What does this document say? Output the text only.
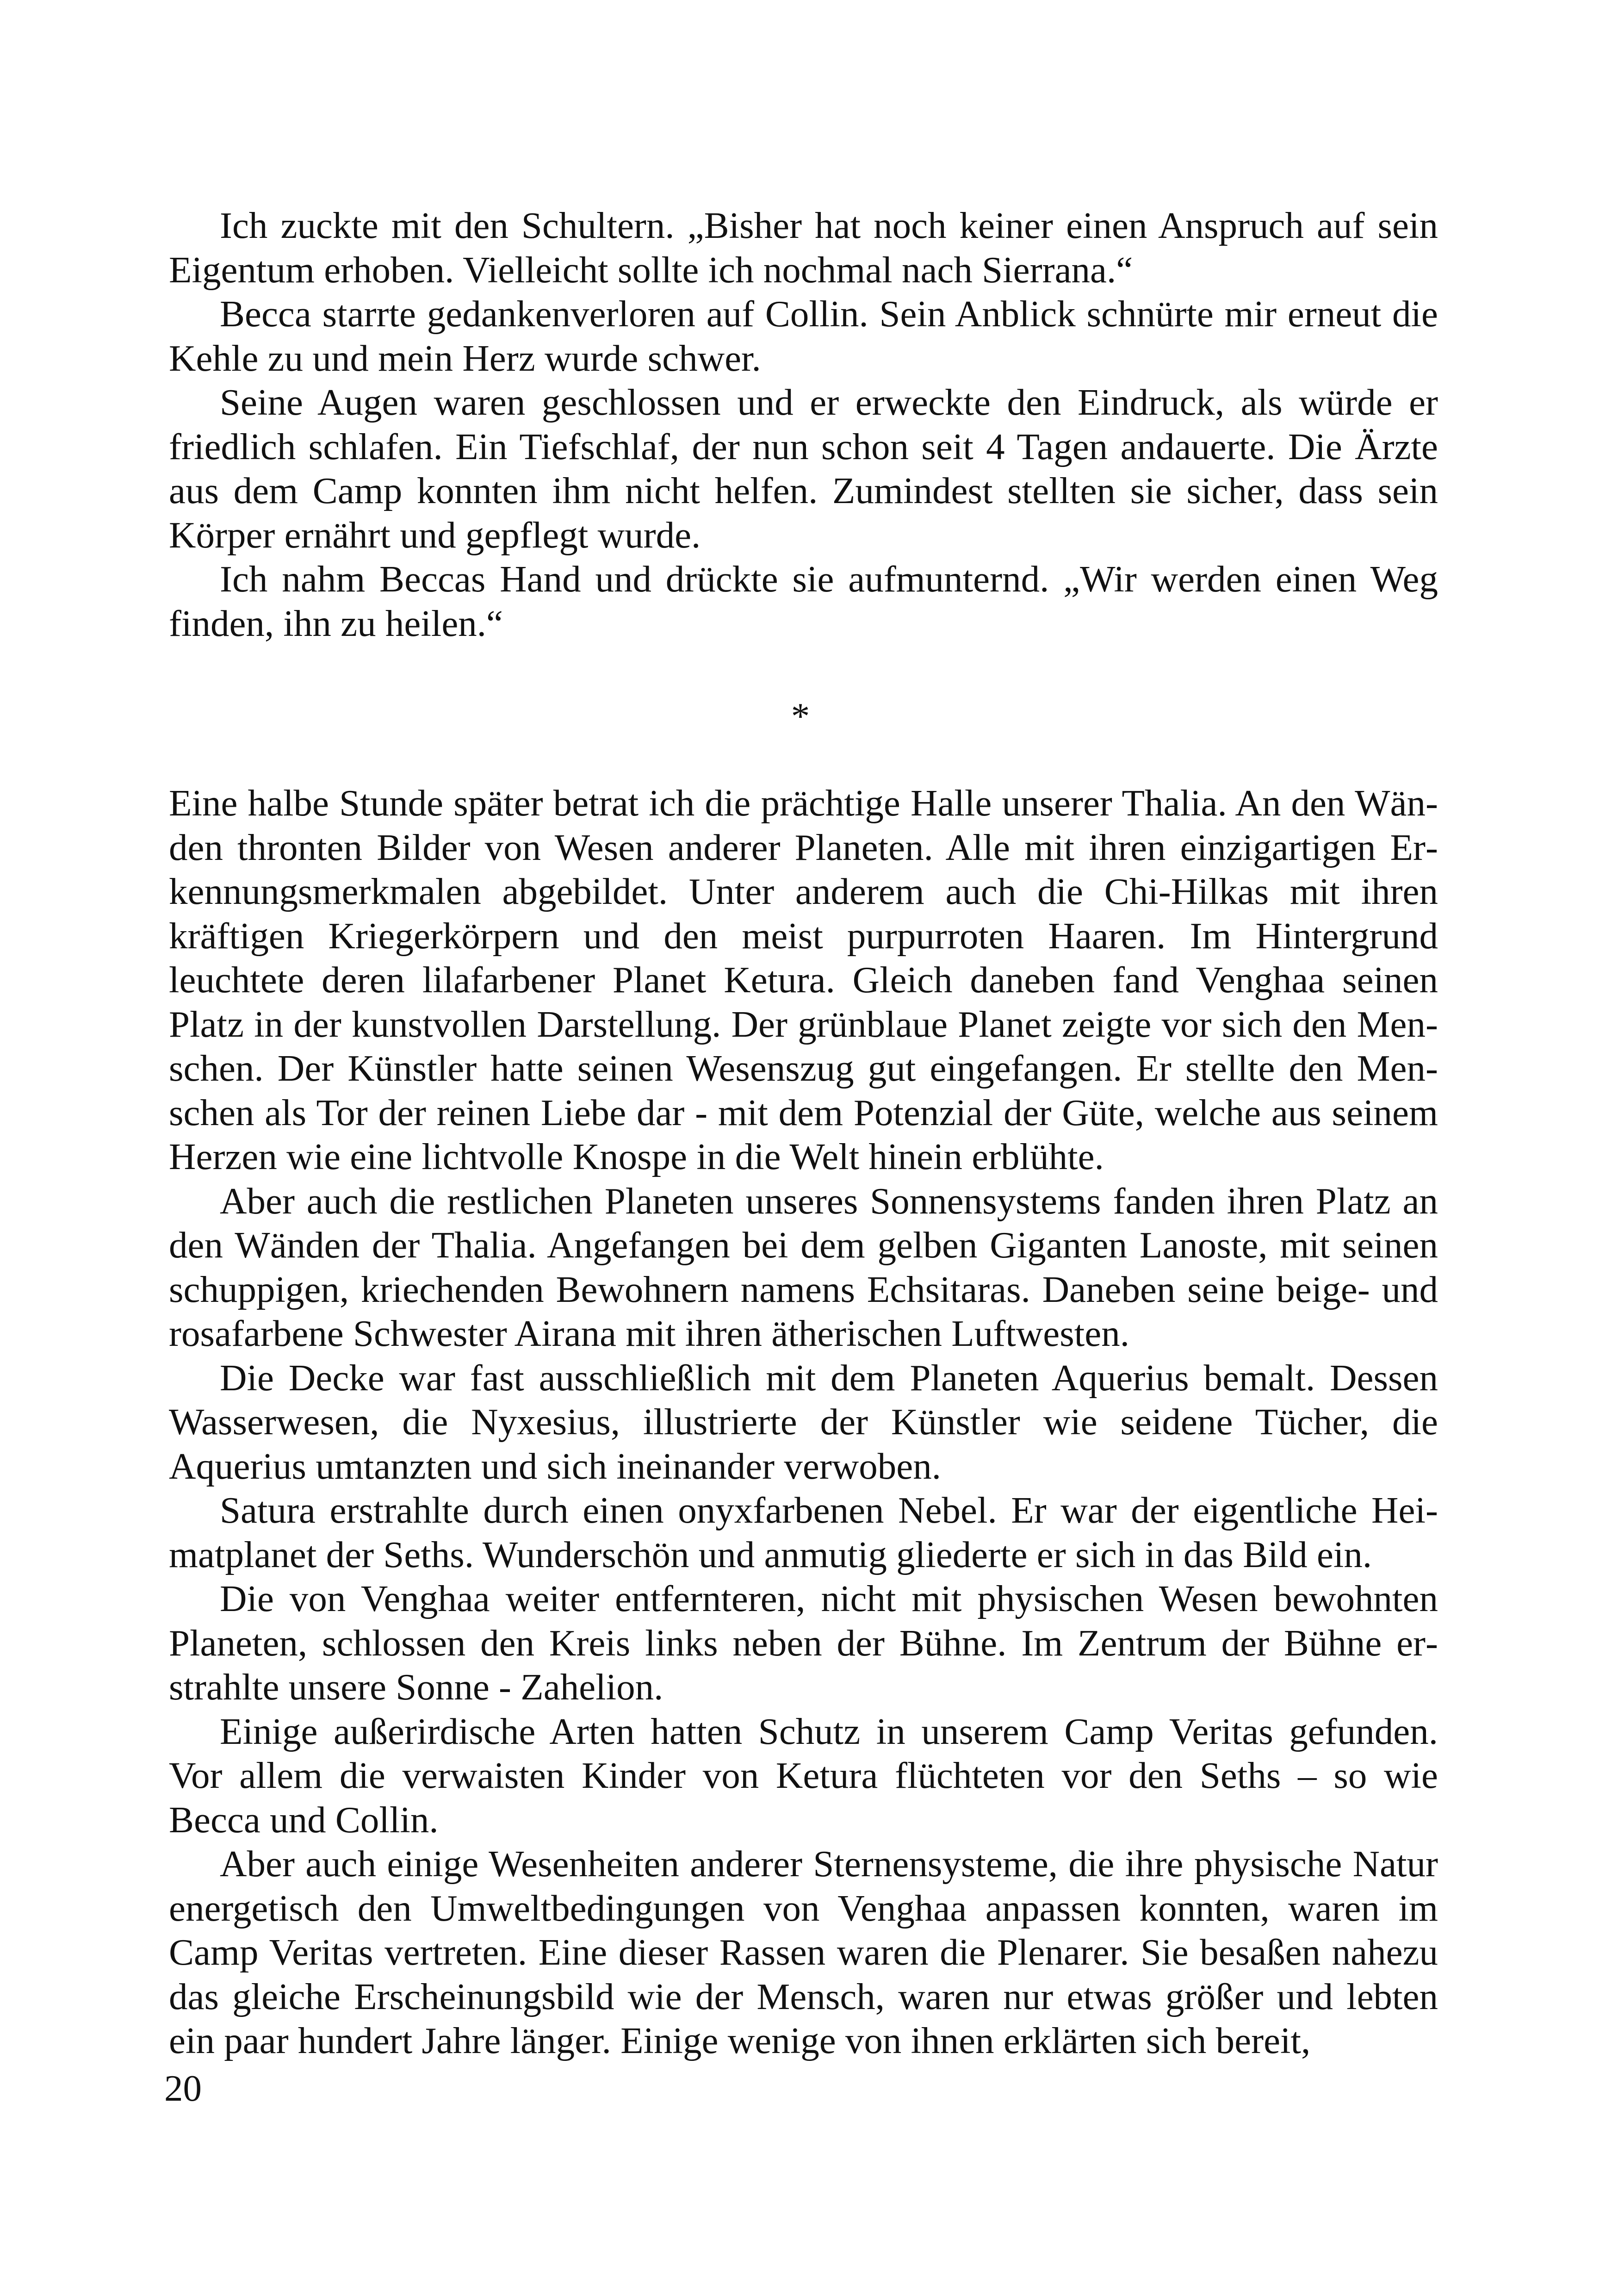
Ich zuckte mit den Schultern. „Bisher hat noch keiner einen Anspruch auf sein Eigentum erhoben. Vielleicht sollte ich nochmal nach Sierrana.“

Becca starrte gedankenverloren auf Collin. Sein Anblick schnürte mir erneut die Kehle zu und mein Herz wurde schwer.

Seine Augen waren geschlossen und er erweckte den Eindruck, als würde er friedlich schlafen. Ein Tiefschlaf, der nun schon seit 4 Tagen andauerte. Die Ärzte aus dem Camp konnten ihm nicht helfen. Zumindest stellten sie sicher, dass sein Körper ernährt und gepflegt wurde.

Ich nahm Beccas Hand und drückte sie aufmunternd. „Wir werden einen Weg finden, ihn zu heilen.“

*

Eine halbe Stunde später betrat ich die prächtige Halle unserer Thalia. An den Wänden thronten Bilder von Wesen anderer Planeten. Alle mit ihren einzigartigen Erkennungsmerkmalen abgebildet. Unter anderem auch die Chi-Hilkas mit ihren kräftigen Kriegerkörpern und den meist purpurroten Haaren. Im Hintergrund leuchtete deren lilafarbener Planet Ketura. Gleich daneben fand Venghaa seinen Platz in der kunstvollen Darstellung. Der grünblaue Planet zeigte vor sich den Menschen. Der Künstler hatte seinen Wesenszug gut eingefangen. Er stellte den Menschen als Tor der reinen Liebe dar - mit dem Potenzial der Güte, welche aus seinem Herzen wie eine lichtvolle Knospe in die Welt hinein erblühte.

Aber auch die restlichen Planeten unseres Sonnensystems fanden ihren Platz an den Wänden der Thalia. Angefangen bei dem gelben Giganten Lanoste, mit seinen schuppigen, kriechenden Bewohnern namens Echsitaras. Daneben seine beige- und rosafarbene Schwester Airana mit ihren ätherischen Luftwesten.

Die Decke war fast ausschließlich mit dem Planeten Aquerius bemalt. Dessen Wasserwesen, die Nyxesius, illustrierte der Künstler wie seidene Tücher, die Aquerius umtanzten und sich ineinander verwoben.

Satura erstrahlte durch einen onyxfarbenen Nebel. Er war der eigentliche Heimatplanet der Seths. Wunderschön und anmutig gliederte er sich in das Bild ein.

Die von Venghaa weiter entfernteren, nicht mit physischen Wesen bewohnten Planeten, schlossen den Kreis links neben der Bühne. Im Zentrum der Bühne erstrahlte unsere Sonne - Zahelion.

Einige außerirdische Arten hatten Schutz in unserem Camp Veritas gefunden. Vor allem die verwaisten Kinder von Ketura flüchteten vor den Seths – so wie Becca und Collin.

Aber auch einige Wesenheiten anderer Sternensysteme, die ihre physische Natur energetisch den Umweltbedingungen von Venghaa anpassen konnten, waren im Camp Veritas vertreten. Eine dieser Rassen waren die Plenarer. Sie besaßen nahezu das gleiche Erscheinungsbild wie der Mensch, waren nur etwas größer und lebten ein paar hundert Jahre länger. Einige wenige von ihnen erklärten sich bereit,

20
